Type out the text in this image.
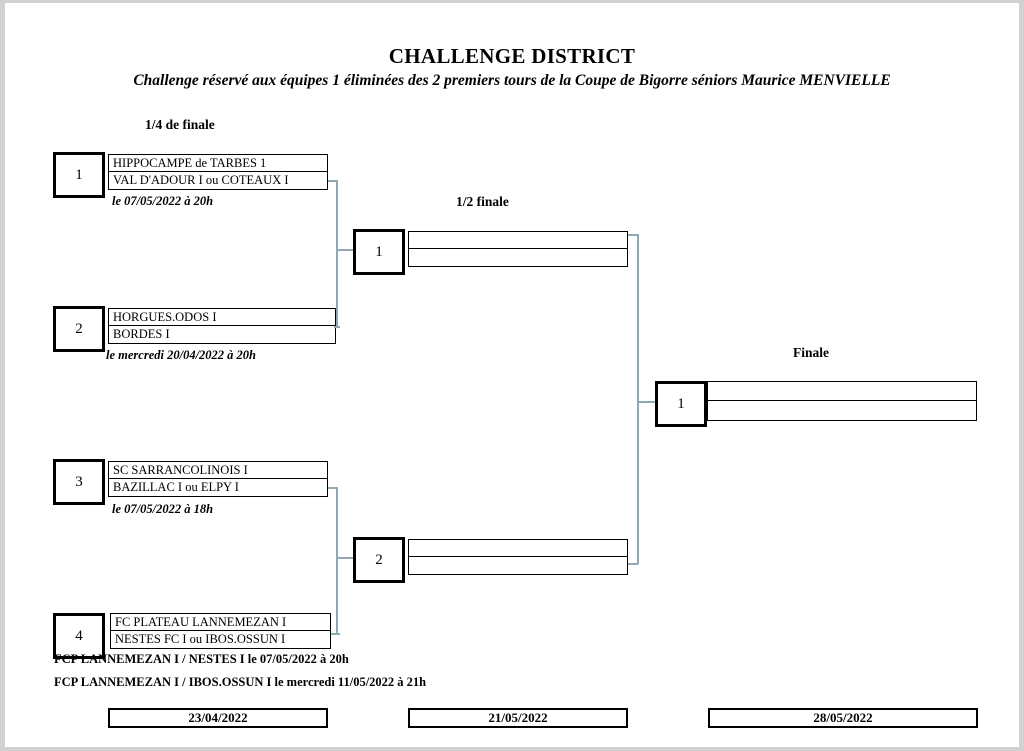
CHALLENGE DISTRICT
Challenge réservé aux équipes 1 éliminées des 2 premiers tours de la Coupe de Bigorre séniors Maurice MENVIELLE
1/4 de finale
1/2 finale
Finale
1
HIPPOCAMPE de TARBES 1
VAL D'ADOUR I ou COTEAUX I
le 07/05/2022 à 20h
2
HORGUES.ODOS I
BORDES I
le mercredi 20/04/2022 à 20h
3
SC SARRANCOLINOIS I
BAZILLAC I ou ELPY I
le 07/05/2022 à 18h
4
FC PLATEAU LANNEMEZAN I
NESTES FC I ou IBOS.OSSUN I
FCP LANNEMEZAN I / NESTES I le 07/05/2022 à 20h
FCP LANNEMEZAN I / IBOS.OSSUN I le mercredi 11/05/2022 à 21h
1
2
1
23/04/2022	21/05/2022	28/05/2022
